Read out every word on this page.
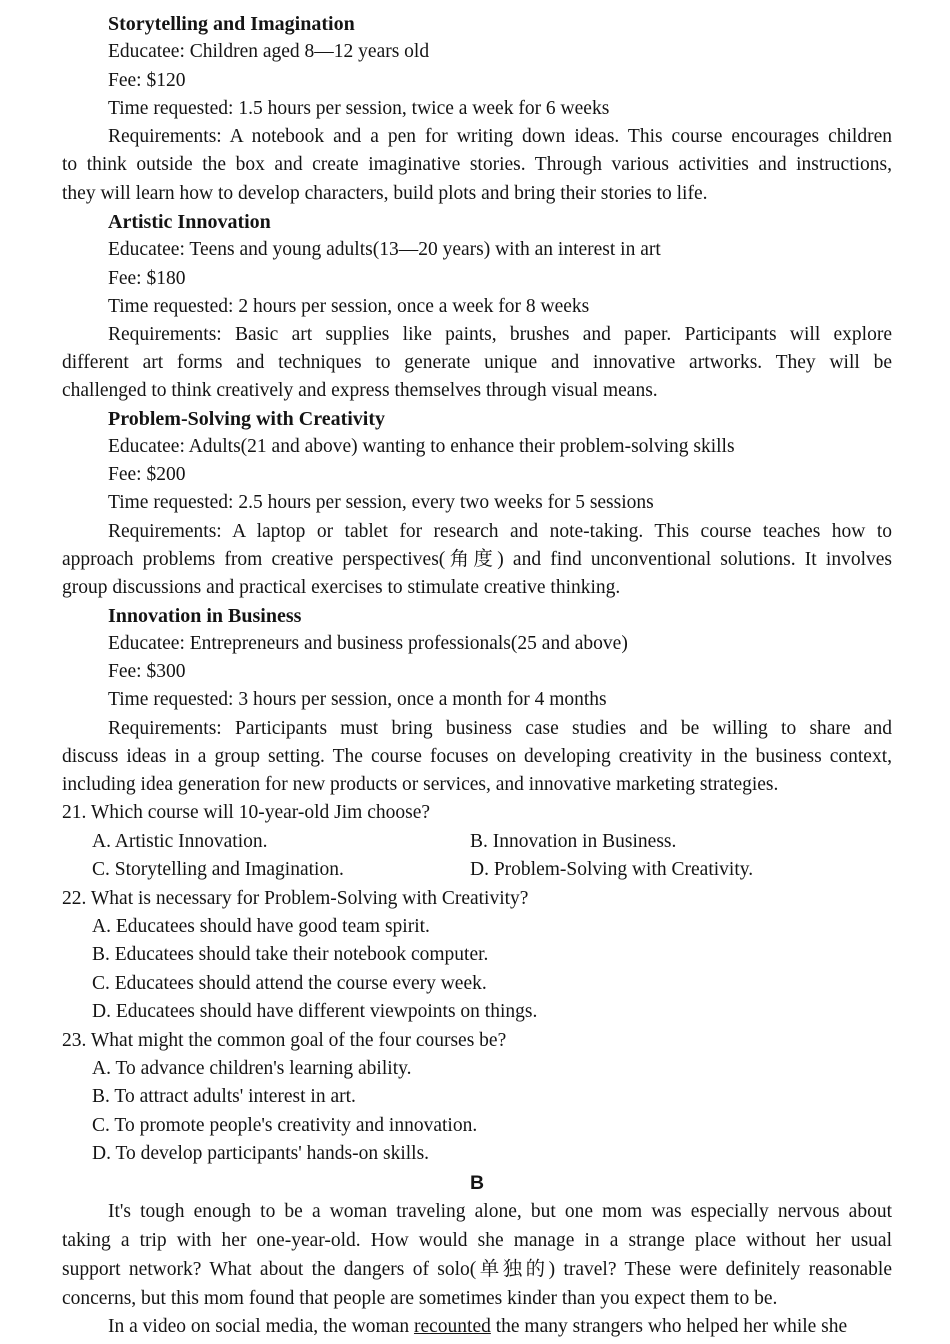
Storytelling and Imagination
Educatee: Children aged 8—12 years old
Fee: $120
Time requested: 1.5 hours per session, twice a week for 6 weeks
Requirements: A notebook and a pen for writing down ideas. This course encourages children
to think outside the box and create imaginative stories. Through various activities and instructions,
they will learn how to develop characters, build plots and bring their stories to life.
Artistic Innovation
Educatee: Teens and young adults(13—20 years) with an interest in art
Fee: $180
Time requested: 2 hours per session, once a week for 8 weeks
Requirements: Basic art supplies like paints, brushes and paper. Participants will explore
different art forms and techniques to generate unique and innovative artworks. They will be
challenged to think creatively and express themselves through visual means.
Problem-Solving with Creativity
Educatee: Adults(21 and above) wanting to enhance their problem-solving skills
Fee: $200
Time requested: 2.5 hours per session, every two weeks for 5 sessions
Requirements: A laptop or tablet for research and note-taking. This course teaches how to
approach problems from creative perspectives(角度) and find unconventional solutions. It involves
group discussions and practical exercises to stimulate creative thinking.
Innovation in Business
Educatee: Entrepreneurs and business professionals(25 and above)
Fee: $300
Time requested: 3 hours per session, once a month for 4 months
Requirements: Participants must bring business case studies and be willing to share and
discuss ideas in a group setting. The course focuses on developing creativity in the business context,
including idea generation for new products or services, and innovative marketing strategies.
21. Which course will 10-year-old Jim choose?
A. Artistic Innovation.	B. Innovation in Business.
C. Storytelling and Imagination.	D. Problem-Solving with Creativity.
22. What is necessary for Problem-Solving with Creativity?
A. Educatees should have good team spirit.
B. Educatees should take their notebook computer.
C. Educatees should attend the course every week.
D. Educatees should have different viewpoints on things.
23. What might the common goal of the four courses be?
A. To advance children's learning ability.
B. To attract adults' interest in art.
C. To promote people's creativity and innovation.
D. To develop participants' hands-on skills.
B
It's tough enough to be a woman traveling alone, but one mom was especially nervous about
taking a trip with her one-year-old. How would she manage in a strange place without her usual
support network? What about the dangers of solo(单独的) travel? These were definitely reasonable
concerns, but this mom found that people are sometimes kinder than you expect them to be.
In a video on social media, the woman recounted the many strangers who helped her while she
